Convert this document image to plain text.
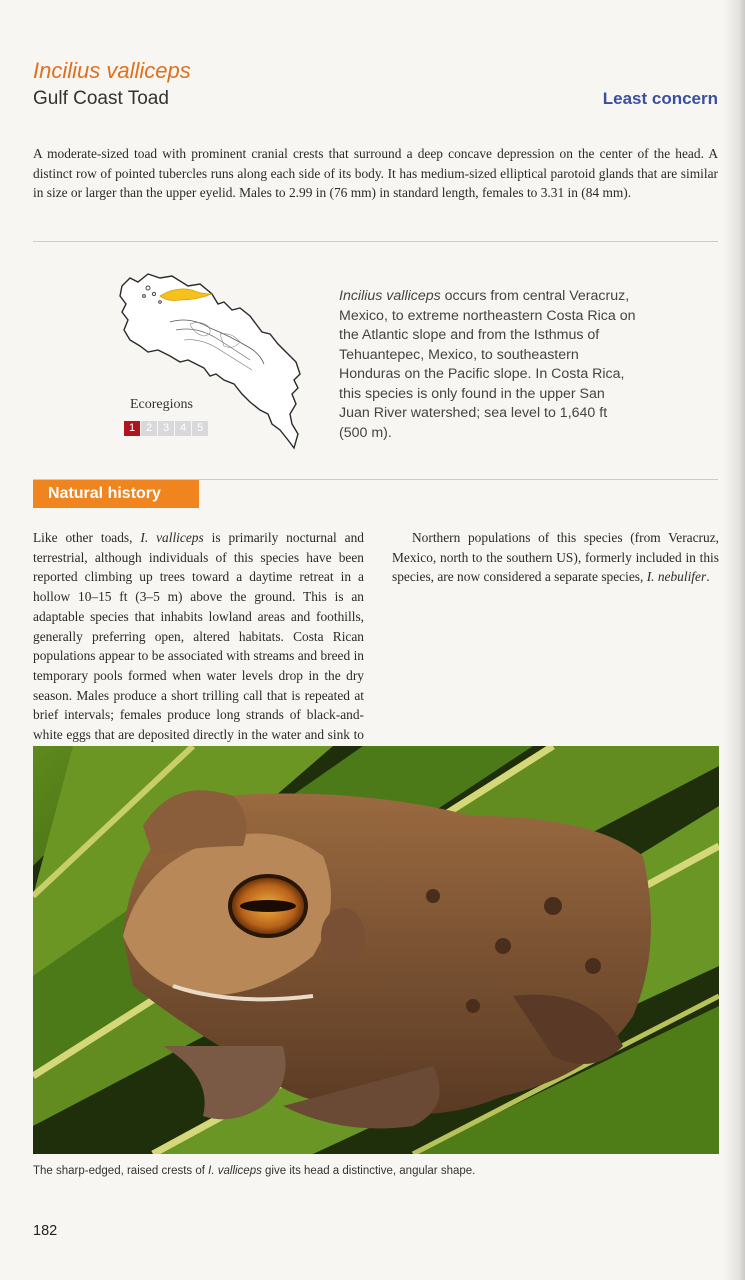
Incilius valliceps
Gulf Coast Toad	Least concern
A moderate-sized toad with prominent cranial crests that surround a deep concave depression on the center of the head. A distinct row of pointed tubercles runs along each side of its body. It has medium-sized elliptical parotoid glands that are similar in size or larger than the upper eyelid. Males to 2.99 in (76 mm) in standard length, females to 3.31 in (84 mm).
Ecoregions
1 2 3 4 5
Incilius valliceps occurs from central Veracruz, Mexico, to extreme northeastern Costa Rica on the Atlantic slope and from the Isthmus of Tehuantepec, Mexico, to southeastern Honduras on the Pacific slope. In Costa Rica, this species is only found in the upper San Juan River watershed; sea level to 1,640 ft (500 m).
Natural history

Like other toads, I. valliceps is primarily nocturnal and terrestrial, although individuals of this species have been reported climbing up trees toward a daytime retreat in a hollow 10–15 ft (3–5 m) above the ground. This is an adaptable species that inhabits lowland areas and foothills, generally preferring open, altered habitats. Costa Rican populations appear to be associated with streams and breed in temporary pools formed when water levels drop in the dry season. Males produce a short trilling call that is repeated at brief intervals; females produce long strands of black-and-white eggs that are deposited directly in the water and sink to

Northern populations of this species (from Veracruz, Mexico, north to the southern US), formerly included in this species, are now considered a separate species, I. nebulifer.

The sharp-edged, raised crests of I. valliceps give its head a distinctive, angular shape.
182
